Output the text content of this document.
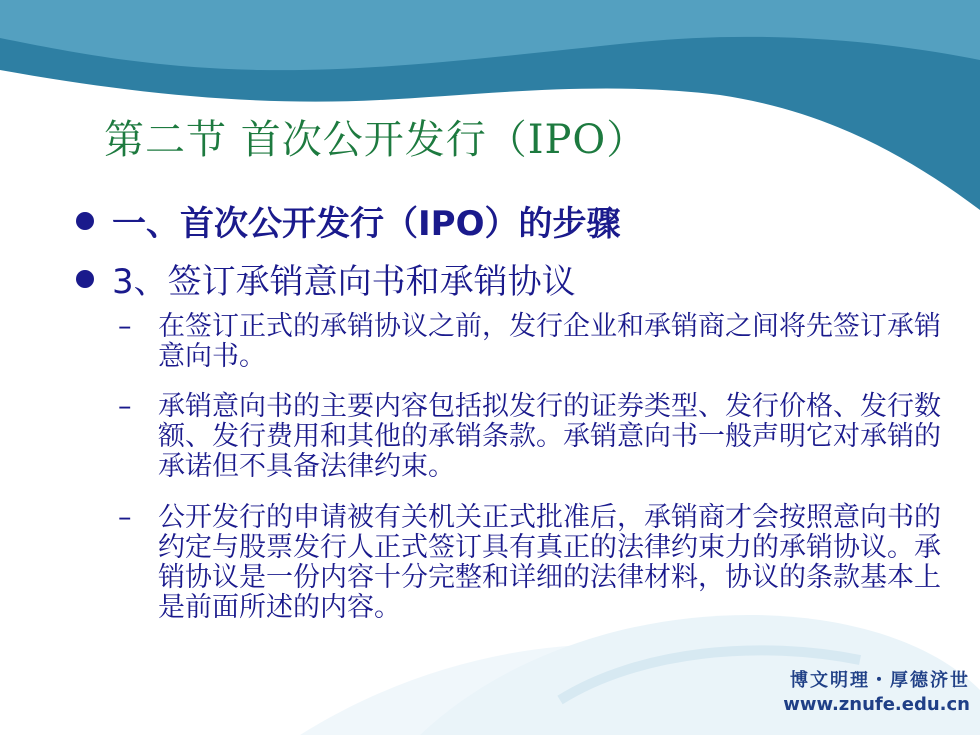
第二节 首次公开发行（IPO）
一、首次公开发行（IPO）的步骤
3、签订承销意向书和承销协议
– 在签订正式的承销协议之前，发行企业和承销商之间将先签订承销意向书。
– 承销意向书的主要内容包括拟发行的证券类型、发行价格、发行数额、发行费用和其他的承销条款。承销意向书一般声明它对承销的承诺但不具备法律约束。
– 公开发行的申请被有关机关正式批准后，承销商才会按照意向书的约定与股票发行人正式签订具有真正的法律约束力的承销协议。承销协议是一份内容十分完整和详细的法律材料，协议的条款基本上是前面所述的内容。
博文明理・厚德济世
www.znufe.edu.cn
